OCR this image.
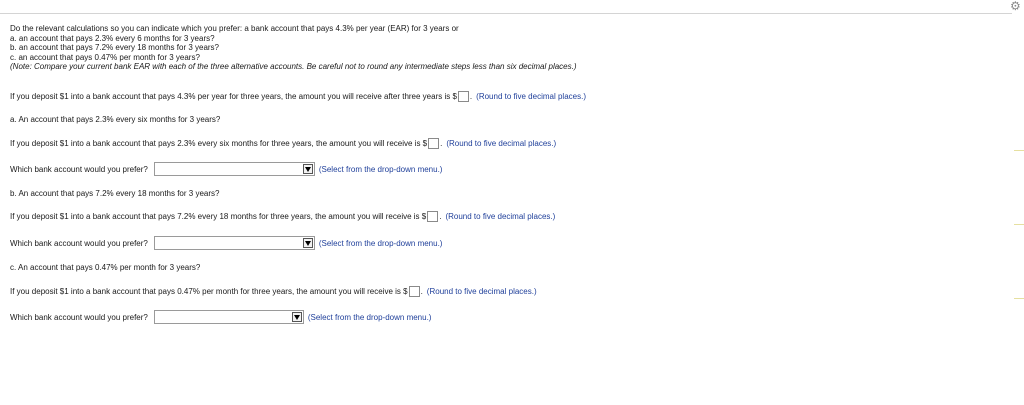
⚙
Do the relevant calculations so you can indicate which you prefer: a bank account that pays 4.3% per year (EAR) for 3 years or
a. an account that pays 2.3% every 6 months for 3 years?
b. an account that pays 7.2% every 18 months for 3 years?
c. an account that pays 0.47% per month for 3 years?
(Note: Compare your current bank EAR with each of the three alternative accounts. Be careful not to round any intermediate steps less than six decimal places.)
If you deposit $1 into a bank account that pays 4.3% per year for three years, the amount you will receive after three years is $ . (Round to five decimal places.)
a. An account that pays 2.3% every six months for 3 years?
If you deposit $1 into a bank account that pays 2.3% every six months for three years, the amount you will receive is $ . (Round to five decimal places.)
Which bank account would you prefer?	(Select from the drop-down menu.)
b. An account that pays 7.2% every 18 months for 3 years?
If you deposit $1 into a bank account that pays 7.2% every 18 months for three years, the amount you will receive is $ . (Round to five decimal places.)
Which bank account would you prefer?	(Select from the drop-down menu.)
c. An account that pays 0.47% per month for 3 years?
If you deposit $1 into a bank account that pays 0.47% per month for three years, the amount you will receive is $ . (Round to five decimal places.)
Which bank account would you prefer?	(Select from the drop-down menu.)
